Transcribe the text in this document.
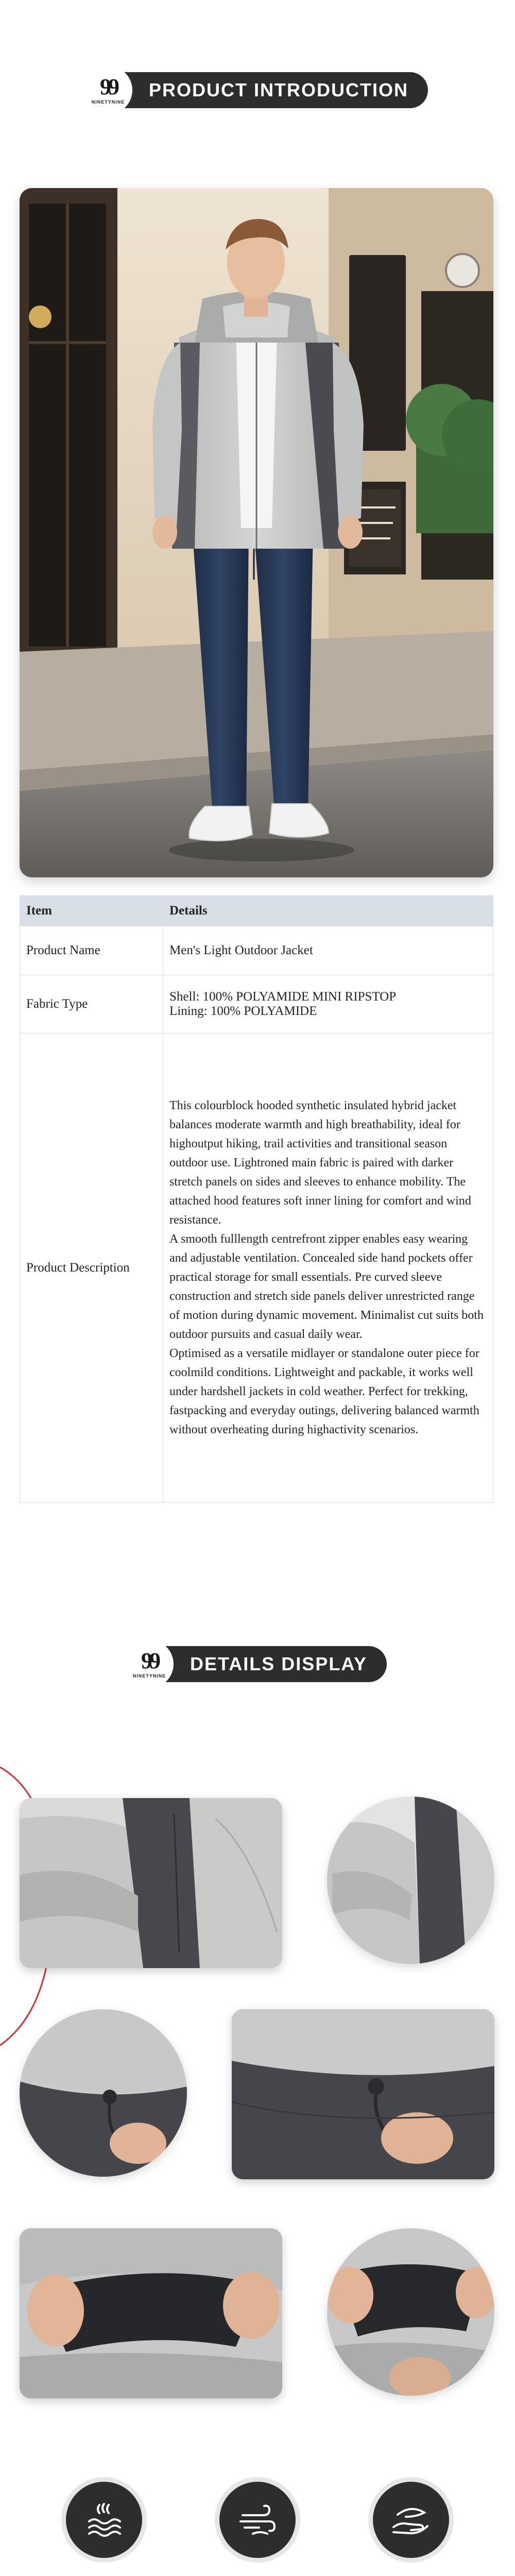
99
NINETYNINE
PRODUCT INTRODUCTION
Item	Details
Product Name	Men's Light Outdoor Jacket
Fabric Type	Shell: 100% POLYAMIDE MINI RIPSTOP
Lining: 100% POLYAMIDE

Product Description	This colourblock hooded synthetic insulated hybrid jacket balances moderate warmth and high breathability, ideal for highoutput hiking, trail activities and transitional season outdoor use. Lightroned main fabric is paired with darker stretch panels on sides and sleeves to enhance mobility. The attached hood features soft inner lining for comfort and wind resistance.
A smooth fulllength centrefront zipper enables easy wearing and adjustable ventilation. Concealed side hand pockets offer practical storage for small essentials. Pre curved sleeve construction and stretch side panels deliver unrestricted range of motion during dynamic movement. Minimalist cut suits both outdoor pursuits and casual daily wear.
Optimised as a versatile midlayer or standalone outer piece for coolmild conditions. Lightweight and packable, it works well under hardshell jackets in cold weather. Perfect for trekking, fastpacking and everyday outings, delivering balanced warmth without overheating during highactivity scenarios.
99
NINETYNINE
DETAILS DISPLAY
